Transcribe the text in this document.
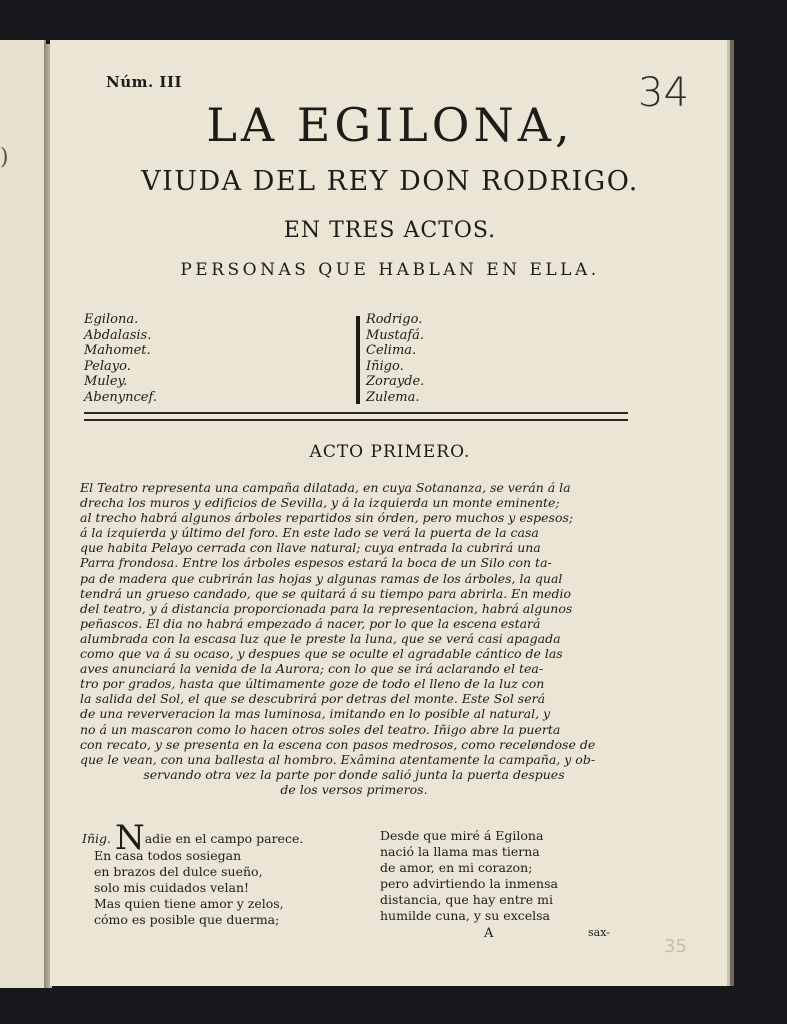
)
Núm. III	34
LA EGILONA,
VIUDA DEL REY DON RODRIGO.
EN TRES ACTOS.
PERSONAS QUE HABLAN EN ELLA.
Egilona.
Abdalasis.
Mahomet.
Pelayo.
Muley.
Abenyncef.
Rodrigo.
Mustafá.
Celima.
Iñigo.
Zorayde.
Zulema.
ACTO PRIMERO.

El Teatro representa una campaña dilatada, en cuya Sotananza, se verán á la

drecha los muros y edificios de Sevilla, y á la izquierda un monte eminente;

al trecho habrá algunos árboles repartidos sin órden, pero muchos y espesos;

á la izquierda y último del foro. En este lado se verá la puerta de la casa

que habita Pelayo cerrada con llave natural; cuya entrada la cubrirá una

Parra frondosa. Entre los árboles espesos estará la boca de un Silo con ta-

pa de madera que cubrirán las hojas y algunas ramas de los árboles, la qual

tendrá un grueso candado, que se quitará á su tiempo para abrirla. En medio

del teatro, y á distancia proporcionada para la representacion, habrá algunos

peñascos. El dia no habrá empezado á nacer, por lo que la escena estará

alumbrada con la escasa luz que le preste la luna, que se verá casi apagada

como que va á su ocaso, y despues que se oculte el agradable cántico de las

aves anunciará la venida de la Aurora; con lo que se irá aclarando el tea-

tro por grados, hasta que últimamente goze de todo el lleno de la luz con

la salida del Sol, el que se descubrirá por detras del monte. Este Sol será

de una reververacion la mas luminosa, imitando en lo posible al natural, y

no á un mascaron como lo hacen otros soles del teatro. Iñigo abre la puerta

con recato, y se presenta en la escena con pasos medrosos, como receløndose de

que le vean, con una ballesta al hombro. Exâmina atentamente la campaña, y ob-

servando otra vez la parte por donde salió junta la puerta despues

de los versos primeros.

Iñig. Nadie en el campo parece.

En casa todos sosiegan

en brazos del dulce sueño,

solo mis cuidados velan!

Mas quien tiene amor y zelos,

cómo es posible que duerma;

Desde que miré á Egilona

nació la llama mas tierna

de amor, en mi corazon;

pero advirtiendo la inmensa

distancia, que hay entre mi

humilde cuna, y su excelsa

A	sax-
35
